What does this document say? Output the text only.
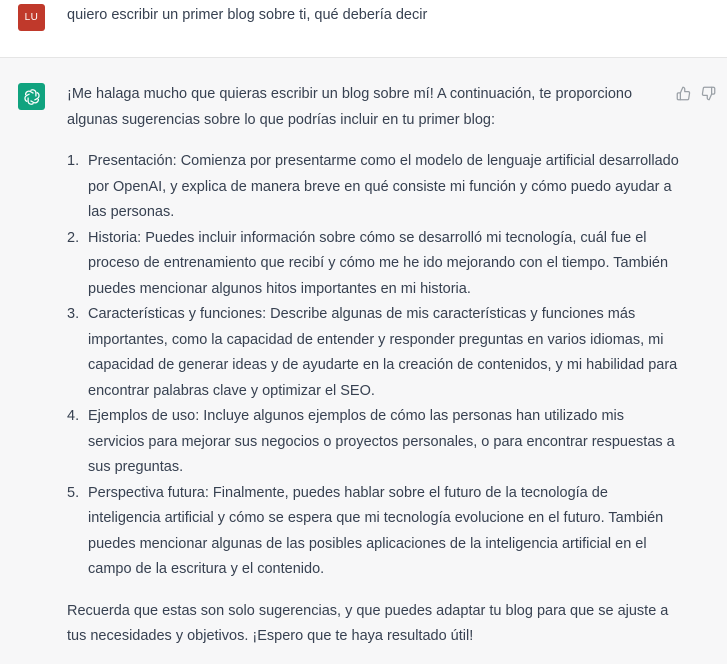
LU	quiero escribir un primer blog sobre ti, qué debería decir

¡Me halaga mucho que quieras escribir un blog sobre mí! A continuación, te proporciono algunas sugerencias sobre lo que podrías incluir en tu primer blog:

1. Presentación: Comienza por presentarme como el modelo de lenguaje artificial desarrollado por OpenAI, y explica de manera breve en qué consiste mi función y cómo puedo ayudar a las personas.
2. Historia: Puedes incluir información sobre cómo se desarrolló mi tecnología, cuál fue el proceso de entrenamiento que recibí y cómo me he ido mejorando con el tiempo. También puedes mencionar algunos hitos importantes en mi historia.
3. Características y funciones: Describe algunas de mis características y funciones más importantes, como la capacidad de entender y responder preguntas en varios idiomas, mi capacidad de generar ideas y de ayudarte en la creación de contenidos, y mi habilidad para encontrar palabras clave y optimizar el SEO.
4. Ejemplos de uso: Incluye algunos ejemplos de cómo las personas han utilizado mis servicios para mejorar sus negocios o proyectos personales, o para encontrar respuestas a sus preguntas.
5. Perspectiva futura: Finalmente, puedes hablar sobre el futuro de la tecnología de inteligencia artificial y cómo se espera que mi tecnología evolucione en el futuro. También puedes mencionar algunas de las posibles aplicaciones de la inteligencia artificial en el campo de la escritura y el contenido.

Recuerda que estas son solo sugerencias, y que puedes adaptar tu blog para que se ajuste a tus necesidades y objetivos. ¡Espero que te haya resultado útil!
